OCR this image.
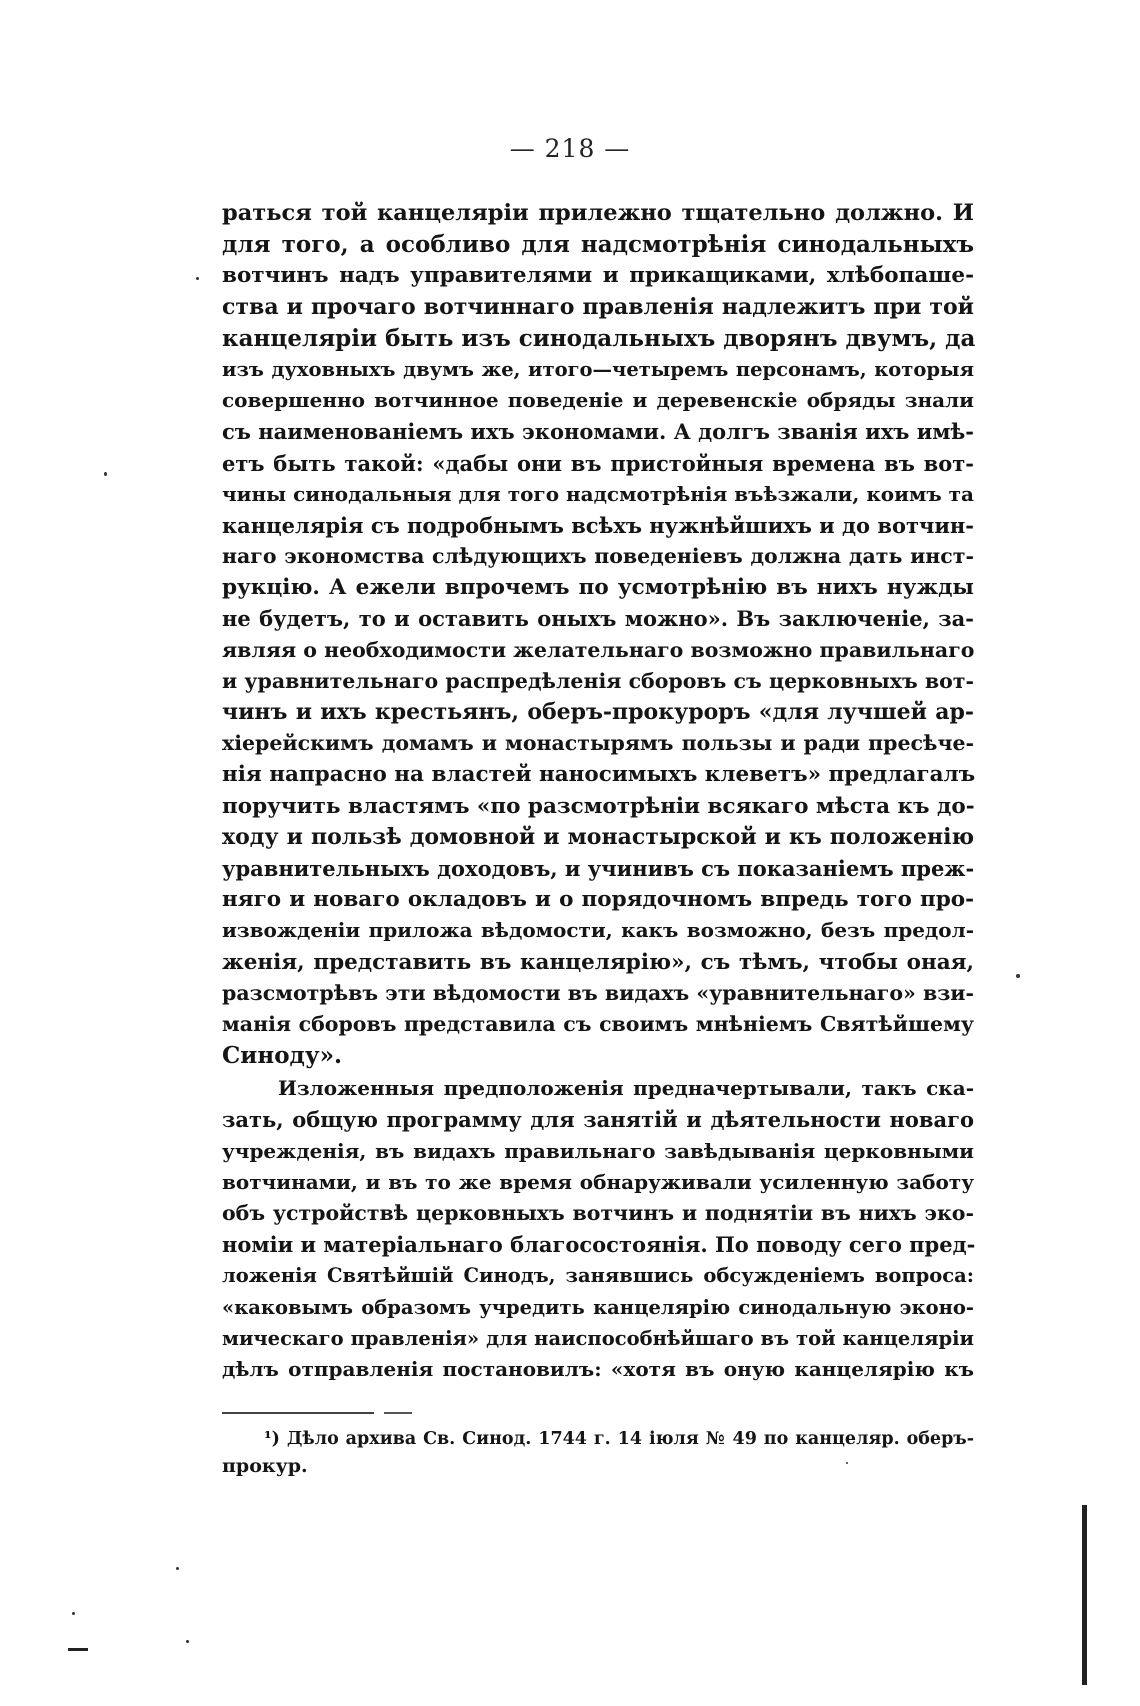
— 218 —
раться той канцеляріи прилежно тщательно должно. И
для того, а особливо для надсмотрѣнія синодальныхъ
вотчинъ надъ управителями и прикащиками, хлѣбопаше-
ства и прочаго вотчиннаго правленія надлежитъ при той
канцеляріи быть изъ синодальныхъ дворянъ двумъ, да
изъ духовныхъ двумъ же, итого—четыремъ персонамъ, которыя
совершенно вотчинное поведеніе и деревенскіе обряды знали
съ наименованіемъ ихъ экономами. А долгъ званія ихъ имѣ-
етъ быть такой: «дабы они въ пристойныя времена въ вот-
чины синодальныя для того надсмотрѣнія въѣзжали, коимъ та
канцелярія съ подробнымъ всѣхъ нужнѣйшихъ и до вотчин-
наго экономства слѣдующихъ поведеніевъ должна дать инст-
рукцію. А ежели впрочемъ по усмотрѣнію въ нихъ нужды
не будетъ, то и оставить оныхъ можно». Въ заключеніе, за-
являя о необходимости желательнаго возможно правильнаго
и уравнительнаго распредѣленія сборовъ съ церковныхъ вот-
чинъ и ихъ крестьянъ, оберъ-прокуроръ «для лучшей ар-
хіерейскимъ домамъ и монастырямъ пользы и ради пресѣче-
нія напрасно на властей наносимыхъ клеветъ» предлагалъ
поручить властямъ «по разсмотрѣніи всякаго мѣста къ до-
ходу и пользѣ домовной и монастырской и къ положенію
уравнительныхъ доходовъ, и учинивъ съ показаніемъ преж-
няго и новаго окладовъ и о порядочномъ впредь того про-
извожденіи приложа вѣдомости, какъ возможно, безъ предол-
женія, представить въ канцелярію», съ тѣмъ, чтобы оная,
разсмотрѣвъ эти вѣдомости въ видахъ «уравнительнаго» взи-
манія сборовъ представила съ своимъ мнѣніемъ Святѣйшему
Синоду».
Изложенныя предположенія предначертывали, такъ ска-
зать, общую программу для занятій и дѣятельности новаго
учрежденія, въ видахъ правильнаго завѣдыванія церковными
вотчинами, и въ то же время обнаруживали усиленную заботу
объ устройствѣ церковныхъ вотчинъ и поднятіи въ нихъ эко-
номіи и матеріальнаго благосостоянія. По поводу сего пред-
ложенія Святѣйшій Синодъ, занявшись обсужденіемъ вопроса:
«каковымъ образомъ учредить канцелярію синодальную эконо-
мическаго правленія» для наиспособнѣйшаго въ той канцеляріи
дѣлъ отправленія постановилъ: «хотя въ оную канцелярію къ
¹) Дѣло архива Св. Синод. 1744 г. 14 іюля № 49 по канцеляр. оберъ-
прокур.
